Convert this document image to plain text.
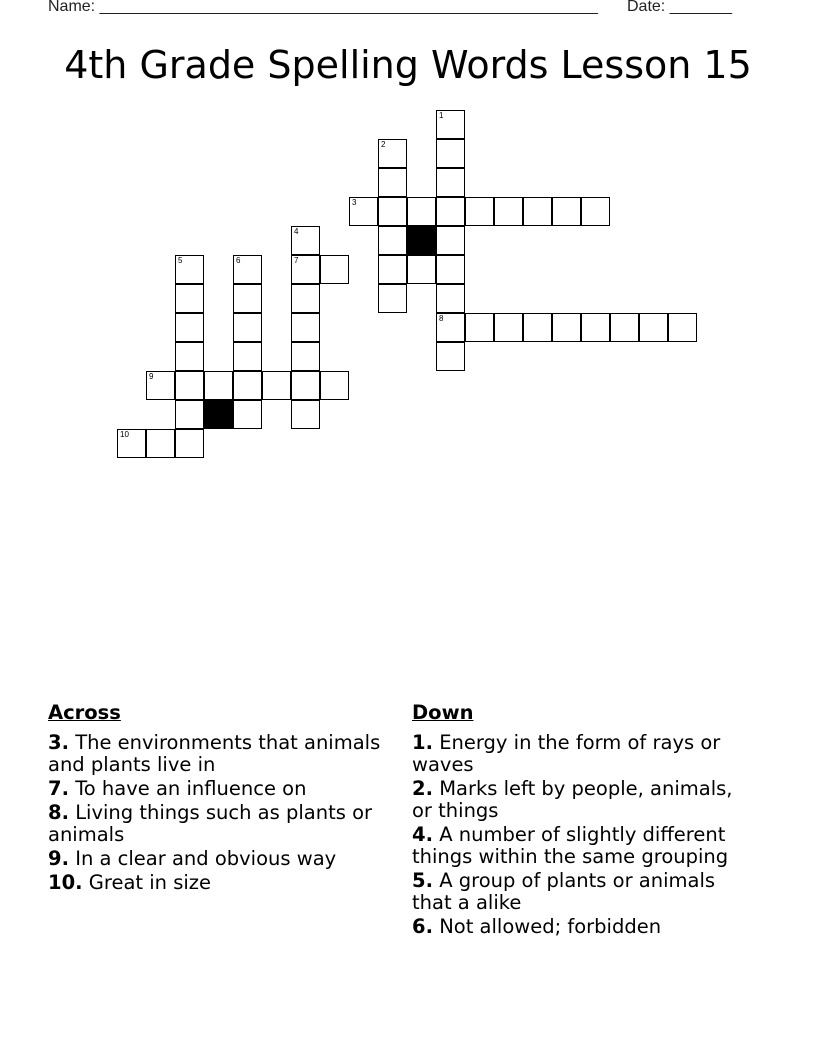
Name: ________________________________________________________ Date: _______
4th Grade Spelling Words Lesson 15
1
8
2
3
4
7
5	6
9
10
Across
3. The environments that animals and plants live in
7. To have an influence on
8. Living things such as plants or animals
9. In a clear and obvious way
10. Great in size
Down
1. Energy in the form of rays or waves
2. Marks left by people, animals, or things
4. A number of slightly different things within the same grouping
5. A group of plants or animals that a alike
6. Not allowed; forbidden
